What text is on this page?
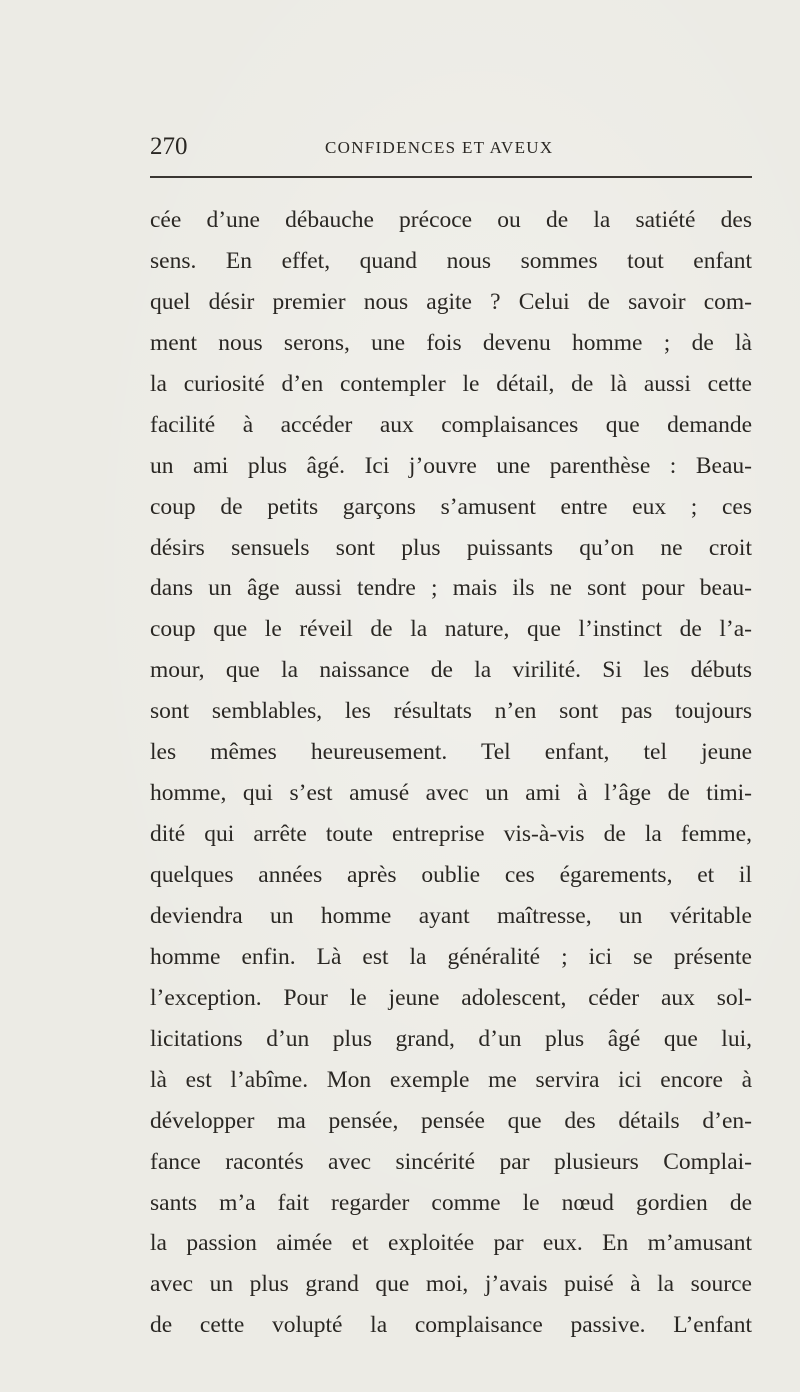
270	CONFIDENCES ET AVEUX
cée d’une débauche précoce ou de la satiété des
sens. En effet, quand nous sommes tout enfant
quel désir premier nous agite ? Celui de savoir com-
ment nous serons, une fois devenu homme ; de là
la curiosité d’en contempler le détail, de là aussi cette
facilité à accéder aux complaisances que demande
un ami plus âgé. Ici j’ouvre une parenthèse : Beau-
coup de petits garçons s’amusent entre eux ; ces
désirs sensuels sont plus puissants qu’on ne croit
dans un âge aussi tendre ; mais ils ne sont pour beau-
coup que le réveil de la nature, que l’instinct de l’a-
mour, que la naissance de la virilité. Si les débuts
sont semblables, les résultats n’en sont pas toujours
les mêmes heureusement. Tel enfant, tel jeune
homme, qui s’est amusé avec un ami à l’âge de timi-
dité qui arrête toute entreprise vis-à-vis de la femme,
quelques années après oublie ces égarements, et il
deviendra un homme ayant maîtresse, un véritable
homme enfin. Là est la généralité ; ici se présente
l’exception. Pour le jeune adolescent, céder aux sol-
licitations d’un plus grand, d’un plus âgé que lui,
là est l’abîme. Mon exemple me servira ici encore à
développer ma pensée, pensée que des détails d’en-
fance racontés avec sincérité par plusieurs Complai-
sants m’a fait regarder comme le nœud gordien de
la passion aimée et exploitée par eux. En m’amusant
avec un plus grand que moi, j’avais puisé à la source
de cette volupté la complaisance passive. L’enfant
